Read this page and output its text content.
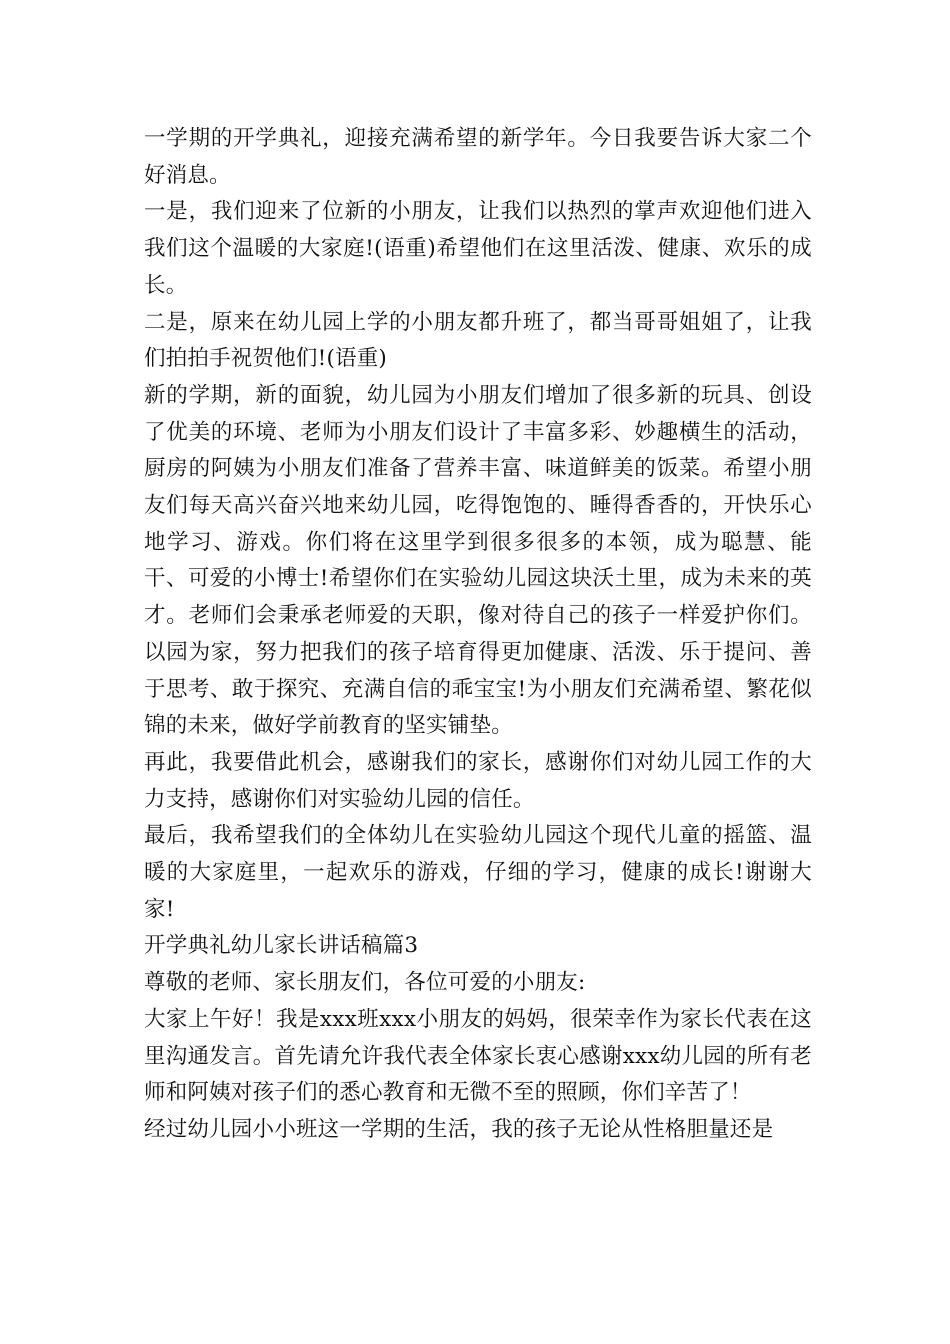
一学期的开学典礼，迎接充满希望的新学年。今日我要告诉大家二个好消息。

一是，我们迎来了位新的小朋友，让我们以热烈的掌声欢迎他们进入我们这个温暖的大家庭!(语重)希望他们在这里活泼、健康、欢乐的成长。

二是，原来在幼儿园上学的小朋友都升班了，都当哥哥姐姐了，让我们拍拍手祝贺他们!(语重)

新的学期，新的面貌，幼儿园为小朋友们增加了很多新的玩具、创设了优美的环境、老师为小朋友们设计了丰富多彩、妙趣横生的活动，厨房的阿姨为小朋友们准备了营养丰富、味道鲜美的饭菜。希望小朋友们每天高兴奋兴地来幼儿园，吃得饱饱的、睡得香香的，开快乐心地学习、游戏。你们将在这里学到很多很多的本领，成为聪慧、能干、可爱的小博士!希望你们在实验幼儿园这块沃土里，成为未来的英才。老师们会秉承老师爱的天职，像对待自己的孩子一样爱护你们。以园为家，努力把我们的孩子培育得更加健康、活泼、乐于提问、善于思考、敢于探究、充满自信的乖宝宝!为小朋友们充满希望、繁花似锦的未来，做好学前教育的坚实铺垫。

再此，我要借此机会，感谢我们的家长，感谢你们对幼儿园工作的大力支持，感谢你们对实验幼儿园的信任。

最后，我希望我们的全体幼儿在实验幼儿园这个现代儿童的摇篮、温暖的大家庭里，一起欢乐的游戏，仔细的学习，健康的成长!谢谢大家!

开学典礼幼儿家长讲话稿篇3

尊敬的老师、家长朋友们，各位可爱的小朋友:

大家上午好！我是xxx班xxx小朋友的妈妈，很荣幸作为家长代表在这里沟通发言。首先请允许我代表全体家长衷心感谢xxx幼儿园的所有老师和阿姨对孩子们的悉心教育和无微不至的照顾，你们辛苦了！

经过幼儿园小小班这一学期的生活，我的孩子无论从性格胆量还是
